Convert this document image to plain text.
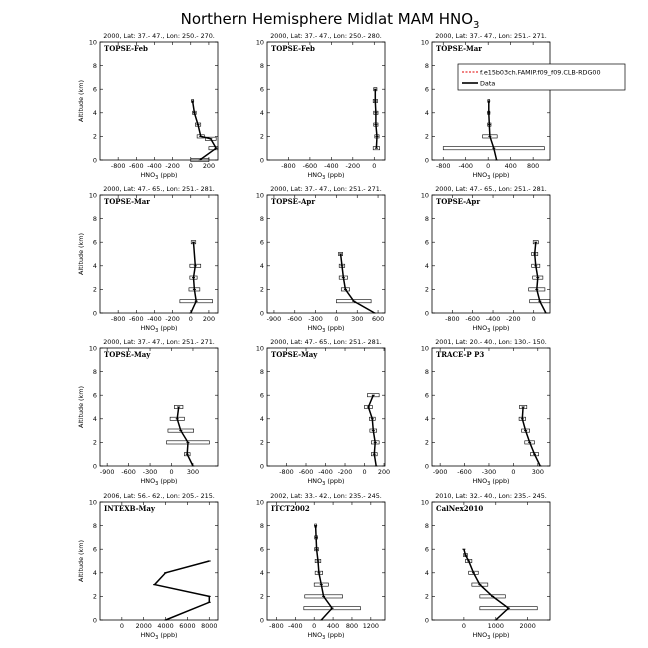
Northern Hemisphere Midlat MAM $HNO_3$
2000, Lat: 37.- 47., Lon: 250.- 270.
TOPSE-Feb
0
2
4
6
8
10
-800 -600 -400 -200 0 200
$HNO_3$ (ppb)
Altitude (km)
2000, Lat: 37.- 47., Lon: 250.- 280.
TOPSE-Feb
0
2
4
6
8
10
-800 -600 -400 -200 0
$HNO_3$ (ppb)
2000, Lat: 37.- 47., Lon: 251.- 271.
TOPSE-Mar
0
2
4
6
8
10
-800 -400 0 400 800
$HNO_3$ (ppb)
2000, Lat: 47.- 65., Lon: 251.- 281.
TOPSE-Mar
0
2
4
6
8
10
-800 -600 -400 -200 0 200
$HNO_3$ (ppb)
Altitude (km)
2000, Lat: 37.- 47., Lon: 251.- 271.
TOPSE-Apr
0
2
4
6
8
10
-900 -600 -300 0 300 600
$HNO_3$ (ppb)
2000, Lat: 47.- 65., Lon: 251.- 281.
TOPSE-Apr
0
2
4
6
8
10
-800 -600 -400 -200 0
$HNO_3$ (ppb)
2000, Lat: 37.- 47., Lon: 251.- 271.
TOPSE-May
0
2
4
6
8
10
-900 -600 -300 0 300
$HNO_3$ (ppb)
Altitude (km)
2000, Lat: 47.- 65., Lon: 251.- 281.
TOPSE-May
0
2
4
6
8
10
-800 -600 -400 -200 0 200
$HNO_3$ (ppb)
2001, Lat: 20.- 40., Lon: 130.- 150.
TRACE-P P3
0
2
4
6
8
10
-900 -600 -300 0	300
$HNO_3$ (ppb)
2006, Lat: 56.- 62., Lon: 205.- 215.
INTEXB-May
0
2
4
6
8
10
0 2000 4000 6000 8000
$HNO_3$ (ppb)
Altitude (km)
2002, Lat: 33.- 42., Lon: 235.- 245.
ITCT2002
0
2
4
6
8
10
-800 -400 0 400 800 1200
$HNO_3$ (ppb)
2010, Lat: 32.- 40., Lon: 235.- 245.
CalNex2010
0
2
4
6
8
10
0	1000 2000
$HNO_3$ (ppb)
f.e15b03ch.FAMIP.f09_f09.CLB-RDG00
Data
